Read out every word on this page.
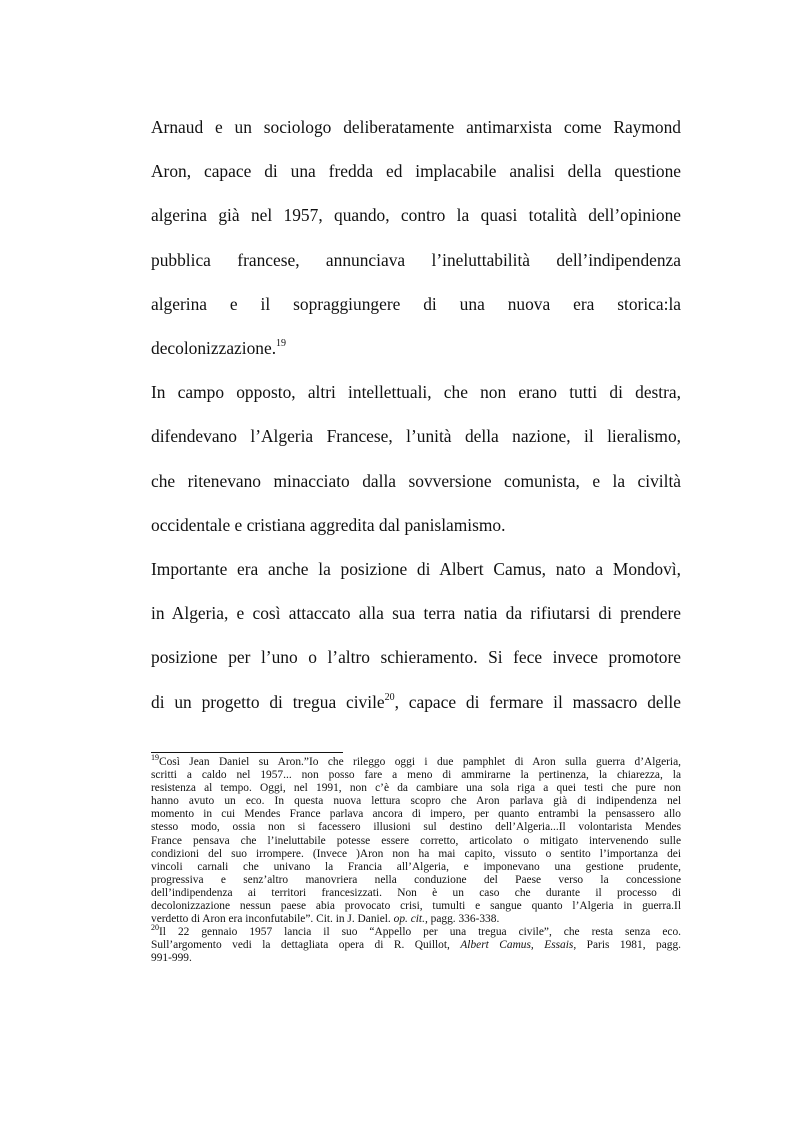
Arnaud e un sociologo deliberatamente antimarxista come Raymond
Aron, capace di una fredda ed implacabile analisi della questione
algerina già nel 1957, quando, contro la quasi totalità dell’opinione
pubblica francese, annunciava l’ineluttabilità dell’indipendenza
algerina e il sopraggiungere di una nuova era storica:la
decolonizzazione.$^{19}$

In campo opposto, altri intellettuali, che non erano tutti di destra,
difendevano l’Algeria Francese, l’unità della nazione, il lieralismo,
che ritenevano minacciato dalla sovversione comunista, e la civiltà
occidentale e cristiana aggredita dal panislamismo.

Importante era anche la posizione di Albert Camus, nato a Mondovì,
in Algeria, e così attaccato alla sua terra natia da rifiutarsi di prendere
posizione per l’uno o l’altro schieramento. Si fece invece promotore
di un progetto di tregua civile$^{20}$, capace di fermare il massacro delle

$^{19}$Così Jean Daniel su Aron.”Io che rileggo oggi i due pamphlet di Aron sulla guerra d’Algeria,
scritti a caldo nel 1957... non posso fare a meno di ammirarne la pertinenza, la chiarezza, la
resistenza al tempo. Oggi, nel 1991, non c’è da cambiare una sola riga a quei testi che pure non
hanno avuto un eco. In questa nuova lettura scopro che Aron parlava già di indipendenza nel
momento in cui Mendes France parlava ancora di impero, per quanto entrambi la pensassero allo
stesso modo, ossia non si facessero illusioni sul destino dell’Algeria...Il volontarista Mendes
France pensava che l’ineluttabile potesse essere corretto, articolato o mitigato intervenendo sulle
condizioni del suo irrompere. (Invece )Aron non ha mai capito, vissuto o sentito l’importanza dei
vincoli carnali che univano la Francia all’Algeria, e imponevano una gestione prudente,
progressiva e senz’altro manovriera nella conduzione del Paese verso la concessione
dell’indipendenza ai territori francesizzati. Non è un caso che durante il processo di
decolonizzazione nessun paese abia provocato crisi, tumulti e sangue quanto l’Algeria in guerra.Il
verdetto di Aron era inconfutabile”. Cit. in J. Daniel. op. cit., pagg. 336-338.
$^{20}$Il 22 gennaio 1957 lancia il suo “Appello per una tregua civile”, che resta senza eco.
Sull’argomento vedi la dettagliata opera di R. Quillot, Albert Camus, Essais, Paris 1981, pagg.
991-999.
